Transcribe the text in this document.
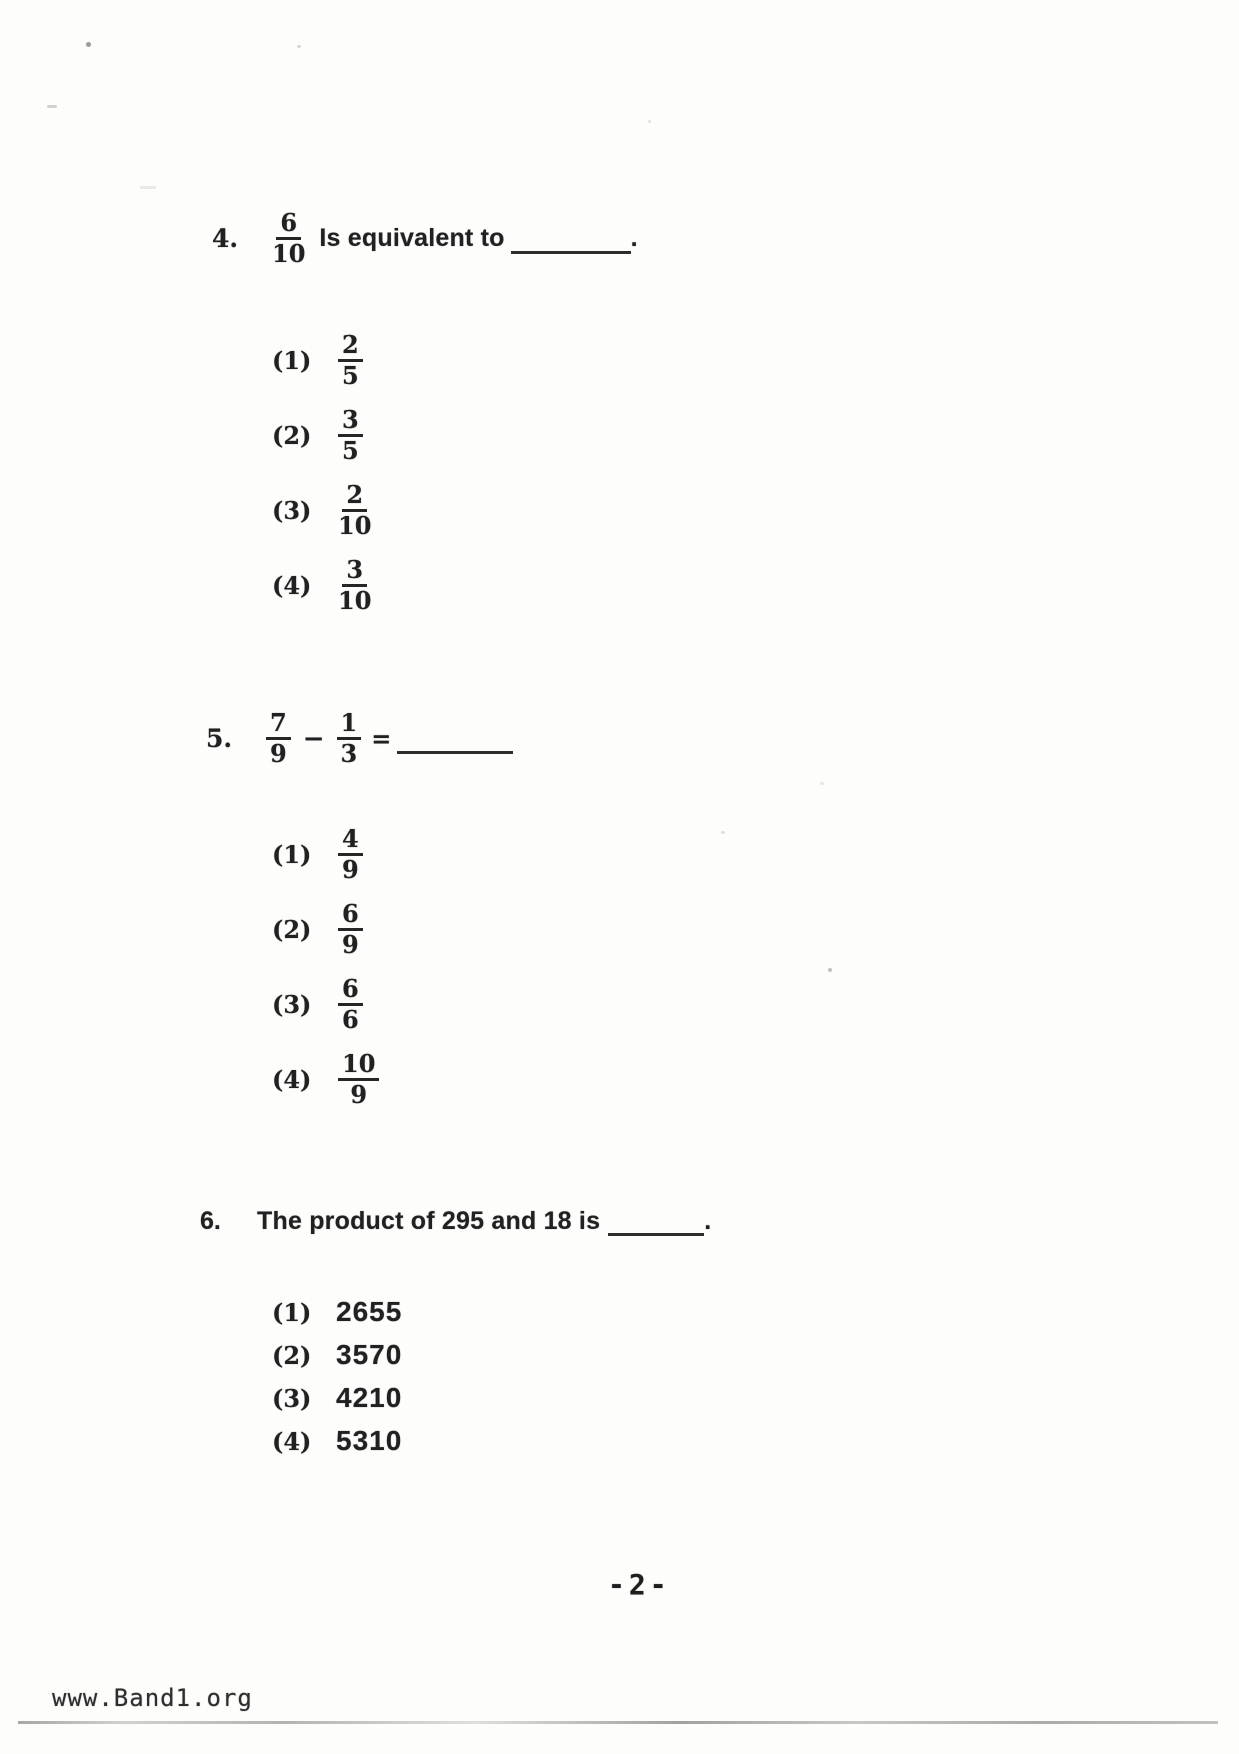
4.	$\frac{6}{10}$ Is equivalent to	.
$(1) \frac{2}{5}$
$(2) \frac{3}{5}$
$(3) \frac{2}{10}$
$(4) \frac{3}{10}$
5.	$\frac{7}{9} - \frac{1}{3}$ =
$(1) \frac{4}{9}$
$(2) \frac{6}{9}$
$(3) \frac{6}{6}$
$(4) \frac{10}{9}$
6.	The product of 295 and 18 is	.
(1) 2655
(2) 3570
(3) 4210
(4) 5310
-2-
www.Band1.org
